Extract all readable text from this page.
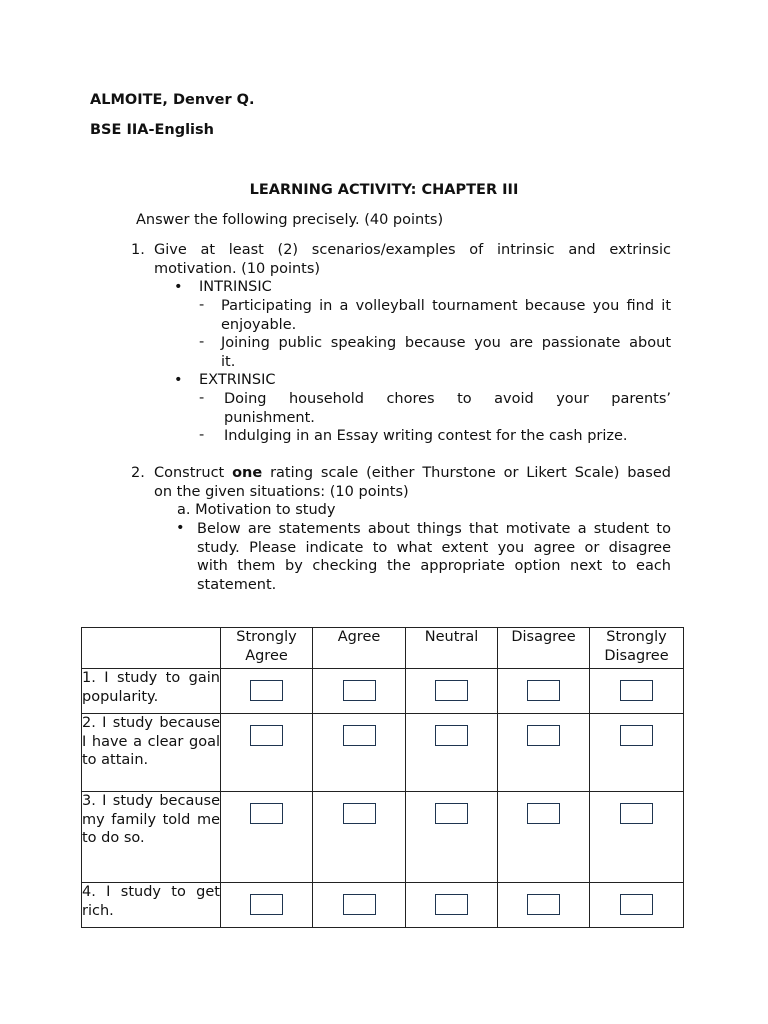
ALMOITE, Denver Q.
BSE IIA-English
LEARNING ACTIVITY: CHAPTER III
Answer the following precisely. (40 points)
1. Give at least (2) scenarios/examples of intrinsic and extrinsic
motivation. (10 points)
• INTRINSIC
- Participating in a volleyball tournament because you find it
enjoyable.
- Joining public speaking because you are passionate about
it.
• EXTRINSIC
- Doing household chores to avoid your parents’
punishment.
- Indulging in an Essay writing contest for the cash prize.
2. Construct one rating scale (either Thurstone or Likert Scale) based
on the given situations: (10 points)
a. Motivation to study
• Below are statements about things that motivate a student to
study. Please indicate to what extent you agree or disagree
with them by checking the appropriate option next to each
statement.
	Strongly
Agree	Agree	Neutral	Disagree	Strongly
Disagree
1. I study to gain popularity.					
2. I study because I have a clear goal to attain.					
3. I study because my family told me to do so.					
4. I study to get rich.					
